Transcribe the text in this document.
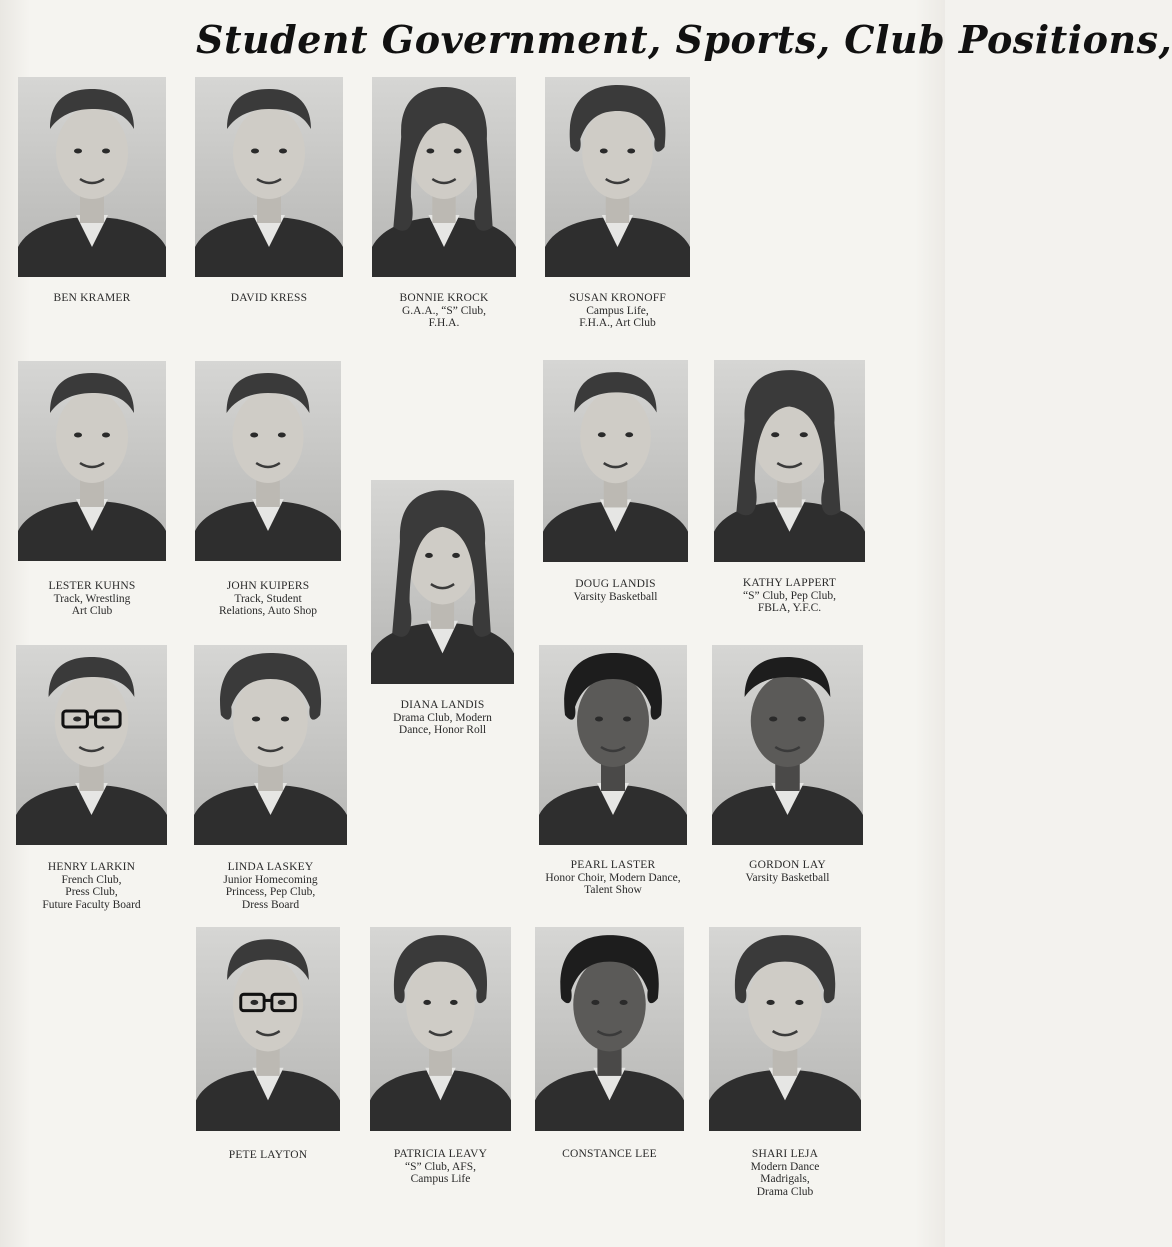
Student Government, Sports, Club Positions,
BEN KRAMER	DAVID KRESS	BONNIE KROCK
G.A.A., “S” Club,
F.H.A.
SUSAN KRONOFF
Campus Life,
F.H.A., Art Club
LESTER KUHNS
Track, Wrestling
Art Club
JOHN KUIPERS
Track, Student
Relations, Auto Shop
DIANA LANDIS
Drama Club, Modern
Dance, Honor Roll
DOUG LANDIS
Varsity Basketball
KATHY LAPPERT
“S” Club, Pep Club,
FBLA, Y.F.C.
HENRY LARKIN
French Club,
Press Club,
Future Faculty Board
LINDA LASKEY
Junior Homecoming
Princess, Pep Club,
Dress Board
PEARL LASTER
Honor Choir, Modern Dance,
Talent Show
GORDON LAY
Varsity Basketball
PETE LAYTON	PATRICIA LEAVY
“S” Club, AFS,
Campus Life
CONSTANCE LEE	SHARI LEJA
Modern Dance
Madrigals,
Drama Club
